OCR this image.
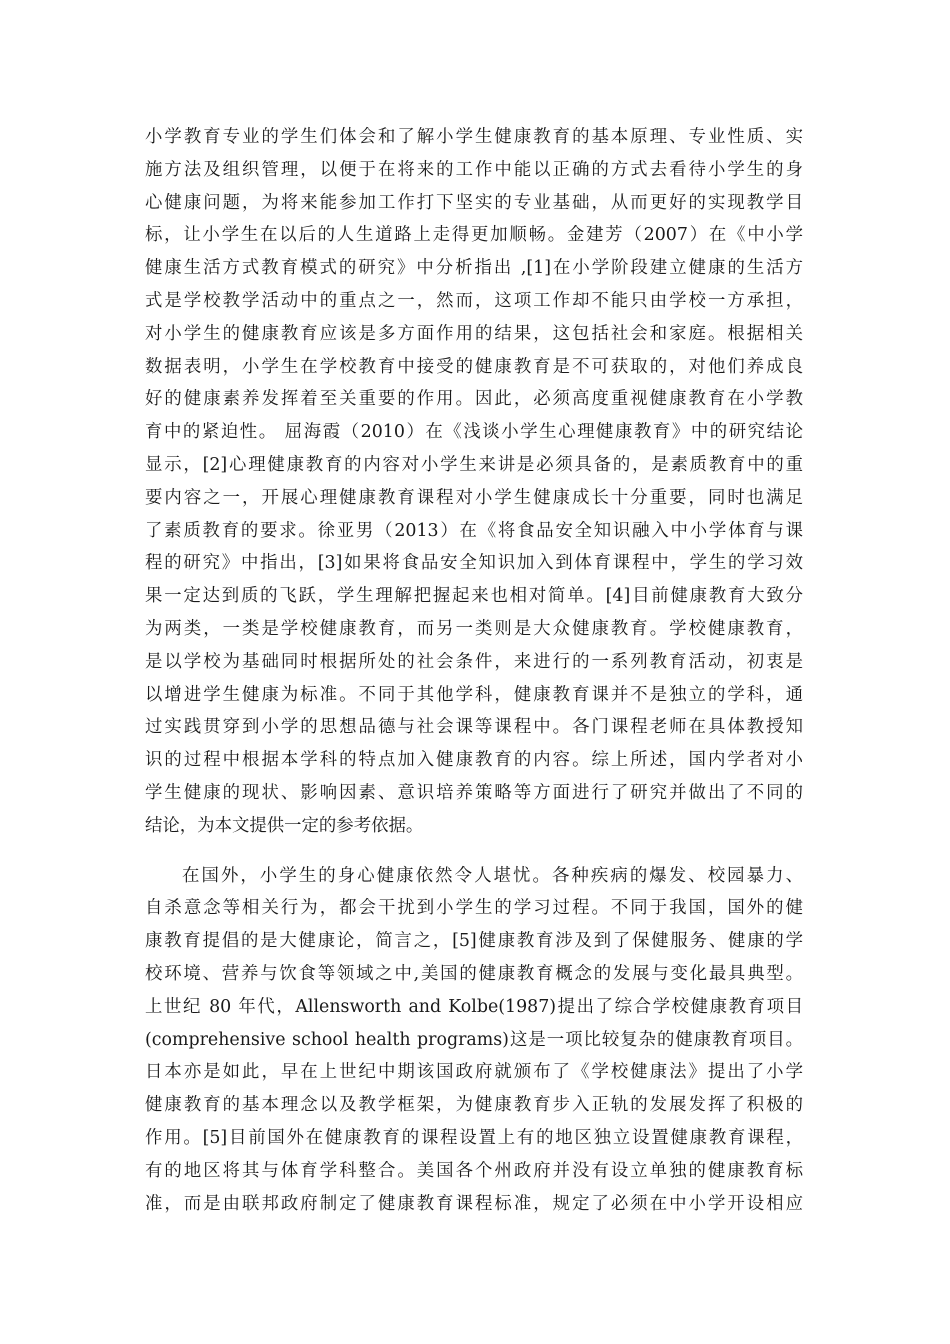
小学教育专业的学生们体会和了解小学生健康教育的基本原理、专业性质、实
施方法及组织管理，以便于在将来的工作中能以正确的方式去看待小学生的身
心健康问题，为将来能参加工作打下坚实的专业基础，从而更好的实现教学目
标，让小学生在以后的人生道路上走得更加顺畅。金建芳（2007）在《中小学
健康生活方式教育模式的研究》中分析指出 ,[1]在小学阶段建立健康的生活方
式是学校教学活动中的重点之一，然而，这项工作却不能只由学校一方承担，
对小学生的健康教育应该是多方面作用的结果，这包括社会和家庭。根据相关
数据表明，小学生在学校教育中接受的健康教育是不可获取的，对他们养成良
好的健康素养发挥着至关重要的作用。因此，必须高度重视健康教育在小学教
育中的紧迫性。 屈海霞（2010）在《浅谈小学生心理健康教育》中的研究结论
显示，[2]心理健康教育的内容对小学生来讲是必须具备的，是素质教育中的重
要内容之一，开展心理健康教育课程对小学生健康成长十分重要，同时也满足
了素质教育的要求。徐亚男（2013）在《将食品安全知识融入中小学体育与课
程的研究》中指出，[3]如果将食品安全知识加入到体育课程中，学生的学习效
果一定达到质的飞跃，学生理解把握起来也相对简单。[4]目前健康教育大致分
为两类，一类是学校健康教育，而另一类则是大众健康教育。学校健康教育，
是以学校为基础同时根据所处的社会条件，来进行的一系列教育活动，初衷是
以增进学生健康为标准。不同于其他学科，健康教育课并不是独立的学科，通
过实践贯穿到小学的思想品德与社会课等课程中。各门课程老师在具体教授知
识的过程中根据本学科的特点加入健康教育的内容。综上所述，国内学者对小
学生健康的现状、影响因素、意识培养策略等方面进行了研究并做出了不同的
结论，为本文提供一定的参考依据。
在国外，小学生的身心健康依然令人堪忧。各种疾病的爆发、校园暴力、
自杀意念等相关行为，都会干扰到小学生的学习过程。不同于我国，国外的健
康教育提倡的是大健康论，简言之，[5]健康教育涉及到了保健服务、健康的学
校环境、营养与饮食等领域之中,美国的健康教育概念的发展与变化最具典型。
上世纪 80 年代，Allensworth and Kolbe(1987)提出了综合学校健康教育项目
(comprehensive school health programs)这是一项比较复杂的健康教育项目。
日本亦是如此，早在上世纪中期该国政府就颁布了《学校健康法》提出了小学
健康教育的基本理念以及教学框架，为健康教育步入正轨的发展发挥了积极的
作用。[5]目前国外在健康教育的课程设置上有的地区独立设置健康教育课程，
有的地区将其与体育学科整合。美国各个州政府并没有设立单独的健康教育标
准，而是由联邦政府制定了健康教育课程标准，规定了必须在中小学开设相应
